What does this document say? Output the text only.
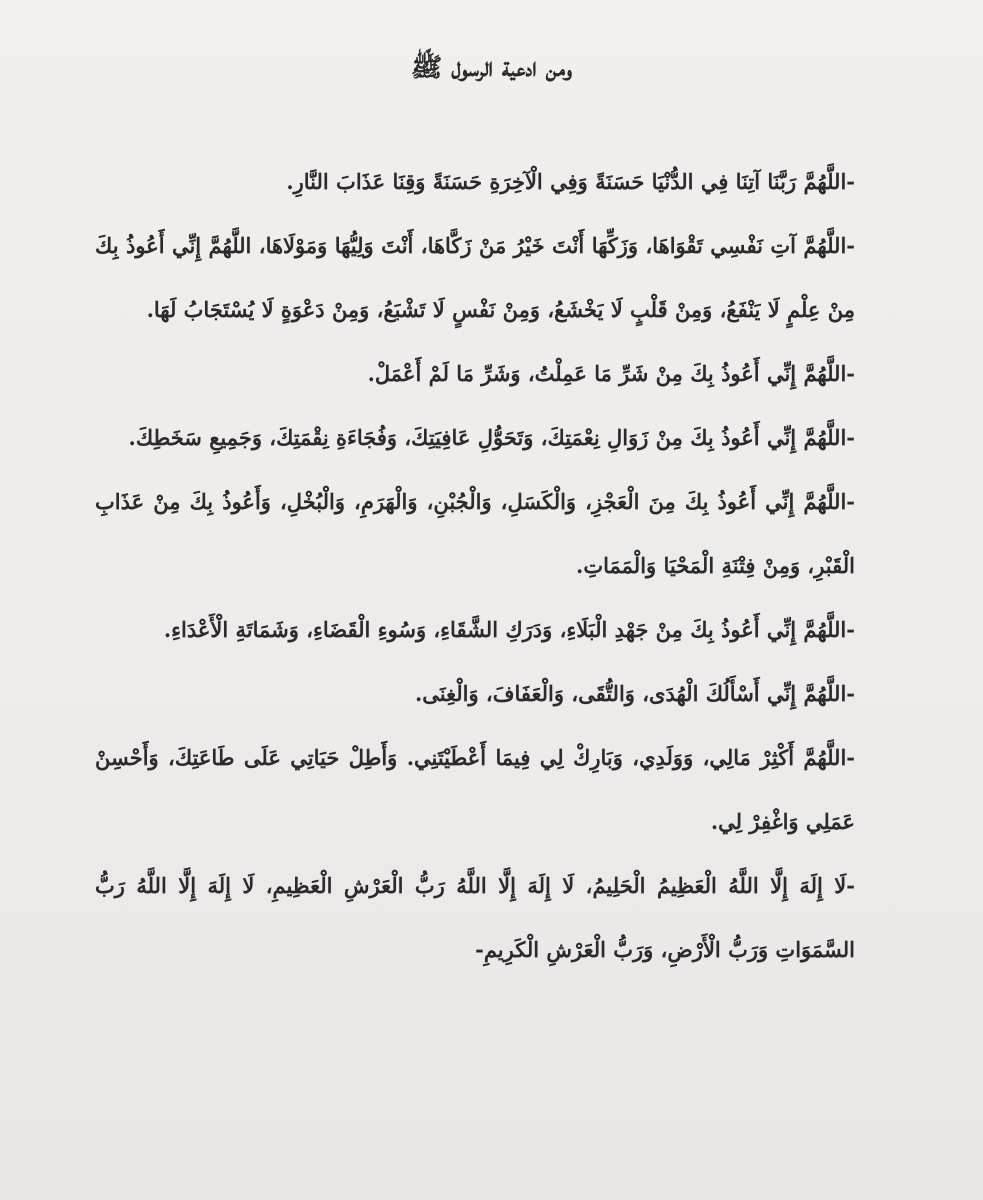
ومن ادعية الرسول ﷺ

-اللَّهُمَّ رَبَّنَا آتِنَا فِي الدُّنْيَا حَسَنَةً وَفِي الْآخِرَةِ حَسَنَةً وَقِنَا عَذَابَ النَّارِ.

-اللَّهُمَّ آتِ نَفْسِي تَقْوَاهَا، وَزَكِّهَا أَنْتَ خَيْرُ مَنْ زَكَّاهَا، أَنْتَ وَلِيُّهَا وَمَوْلَاهَا، اللَّهُمَّ إِنِّي أَعُوذُ بِكَ مِنْ عِلْمٍ لَا يَنْفَعُ، وَمِنْ قَلْبٍ لَا يَخْشَعُ، وَمِنْ نَفْسٍ لَا تَشْبَعُ، وَمِنْ دَعْوَةٍ لَا يُسْتَجَابُ لَهَا.

-اللَّهُمَّ إِنِّي أَعُوذُ بِكَ مِنْ شَرِّ مَا عَمِلْتُ، وَشَرِّ مَا لَمْ أَعْمَلْ.

-اللَّهُمَّ إِنِّي أَعُوذُ بِكَ مِنْ زَوَالِ نِعْمَتِكَ، وَتَحَوُّلِ عَافِيَتِكَ، وَفُجَاءَةِ نِقْمَتِكَ، وَجَمِيعِ سَخَطِكَ.

-اللَّهُمَّ إِنِّي أَعُوذُ بِكَ مِنَ الْعَجْزِ، وَالْكَسَلِ، وَالْجُبْنِ، وَالْهَرَمِ، وَالْبُخْلِ، وَأَعُوذُ بِكَ مِنْ عَذَابِ الْقَبْرِ، وَمِنْ فِتْنَةِ الْمَحْيَا وَالْمَمَاتِ.

-اللَّهُمَّ إِنِّي أَعُوذُ بِكَ مِنْ جَهْدِ الْبَلَاءِ، وَدَرَكِ الشَّقَاءِ، وَسُوءِ الْقَضَاءِ، وَشَمَاتَةِ الْأَعْدَاءِ.

-اللَّهُمَّ إِنِّي أَسْأَلُكَ الْهُدَى، وَالتُّقَى، وَالْعَفَافَ، وَالْغِنَى.

-اللَّهُمَّ أَكْثِرْ مَالِي، وَوَلَدِي، وَبَارِكْ لِي فِيمَا أَعْطَيْتَنِي. وَأَطِلْ حَيَاتِي عَلَى طَاعَتِكَ، وَأَحْسِنْ عَمَلِي وَاغْفِرْ لِي.

-لَا إِلَهَ إِلَّا اللَّهُ الْعَظِيمُ الْحَلِيمُ، لَا إِلَهَ إِلَّا اللَّهُ رَبُّ الْعَرْشِ الْعَظِيمِ، لَا إِلَهَ إِلَّا اللَّهُ رَبُّ السَّمَوَاتِ وَرَبُّ الْأَرْضِ، وَرَبُّ الْعَرْشِ الْكَرِيمِ-
